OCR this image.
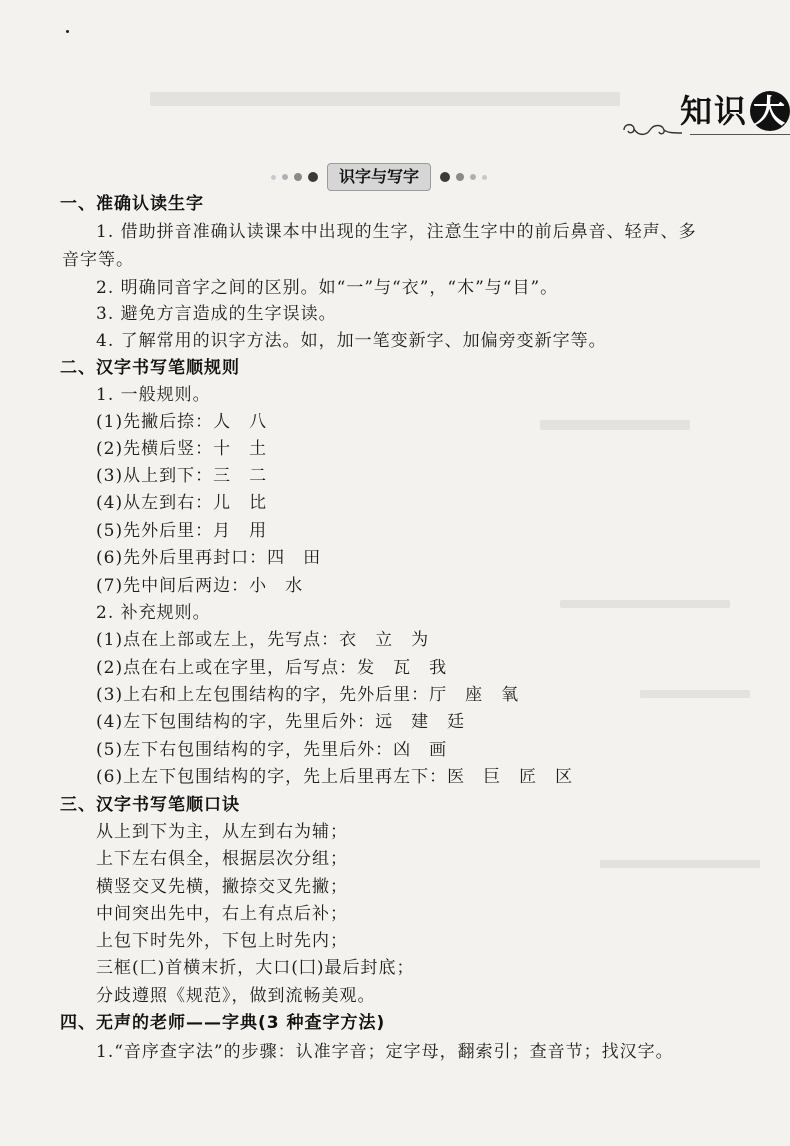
知识 大
识字与写字
一、准确认读生字
1. 借助拼音准确认读课本中出现的生字，注意生字中的前后鼻音、轻声、多
音字等。
2. 明确同音字之间的区别。如“一”与“衣”，“木”与“目”。
3. 避免方言造成的生字误读。
4. 了解常用的识字方法。如，加一笔变新字、加偏旁变新字等。
二、汉字书写笔顺规则
1. 一般规则。
(1)先撇后捺：人　八
(2)先横后竖：十　土
(3)从上到下：三　二
(4)从左到右：儿　比
(5)先外后里：月　用
(6)先外后里再封口：四　田
(7)先中间后两边：小　水
2. 补充规则。
(1)点在上部或左上，先写点：衣　立　为
(2)点在右上或在字里，后写点：发　瓦　我
(3)上右和上左包围结构的字，先外后里：厅　座　氧
(4)左下包围结构的字，先里后外：远　建　廷
(5)左下右包围结构的字，先里后外：凶　画
(6)上左下包围结构的字，先上后里再左下：医　巨　匠　区
三、汉字书写笔顺口诀
从上到下为主，从左到右为辅；
上下左右俱全，根据层次分组；
横竖交叉先横，撇捺交叉先撇；
中间突出先中，右上有点后补；
上包下时先外，下包上时先内；
三框(匚)首横末折，大口(囗)最后封底；
分歧遵照《规范》，做到流畅美观。
四、无声的老师——字典(3 种查字方法)
1.“音序查字法”的步骤：认准字音；定字母，翻索引；查音节；找汉字。
